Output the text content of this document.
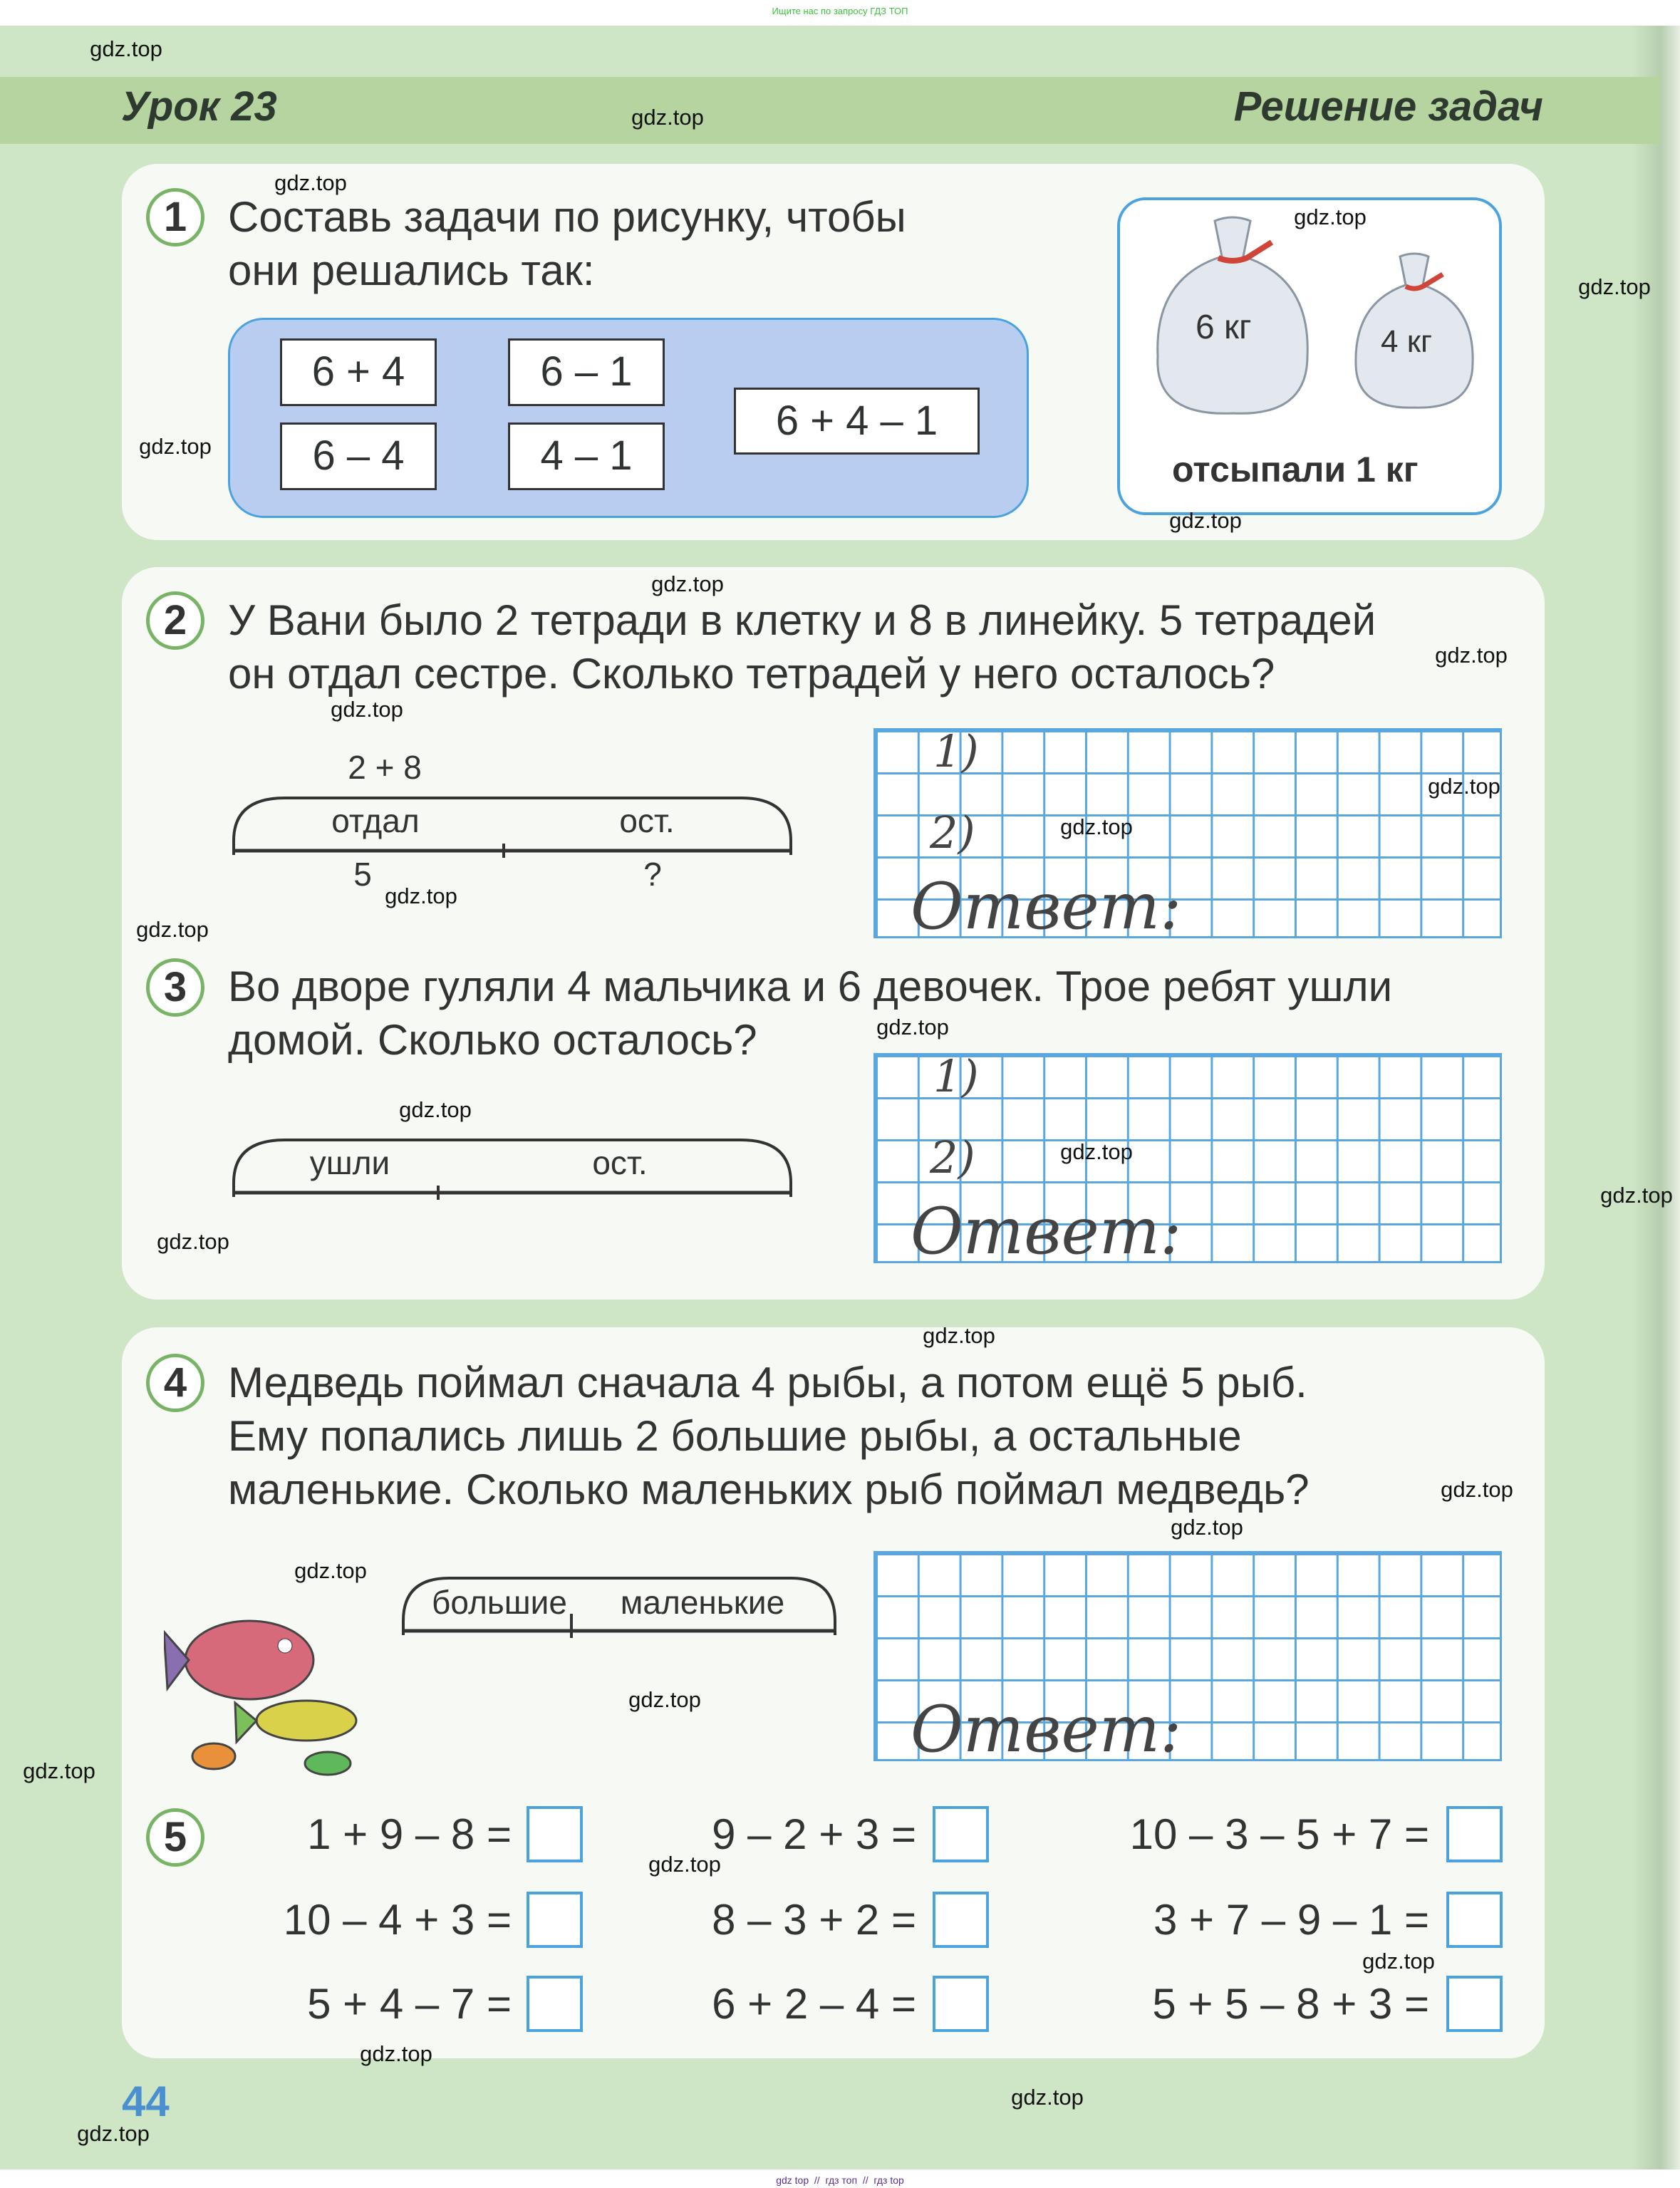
Ищите нас по запросу ГДЗ ТОП
Урок 23	Решение задач
1 Составь задачи по рисунку, чтобы
они решались так:
6 + 4
6 – 4
6 – 1
4 – 1
6 + 4 – 1
6 кг	4 кг
отсыпали 1 кг
2 У Вани было 2 тетради в клетку и 8 в линейку. 5 тетрадей
он отдал сестре. Сколько тетрадей у него осталось?
2 + 8
отдал	ост.
5	?
1)
2)
Ответ:
3 Во дворе гуляли 4 мальчика и 6 девочек. Трое ребят ушли
домой. Сколько осталось?
ушли	ост.
1)
2)
Ответ:
4 Медведь поймал сначала 4 рыбы, а потом ещё 5 рыб.
Ему попались лишь 2 большие рыбы, а остальные
маленькие. Сколько маленьких рыб поймал медведь?
большие маленькие
Ответ:
5	1 + 9 – 8 =	9 – 2 + 3 =	10 – 3 – 5 + 7 =
10 – 4 + 3 =	8 – 3 + 2 =	3 + 7 – 9 – 1 =
5 + 4 – 7 =	6 + 2 – 4 =	5 + 5 – 8 + 3 =
44
gdz top  //  гдз топ  //  гдз top
gdz.top
gdz.top
gdz.top
gdz.top
gdz.top
gdz.top
gdz.top
gdz.top
gdz.top
gdz.top
gdz.top
gdz.top
gdz.top
gdz.top
gdz.top
gdz.top
gdz.top
gdz.top
gdz.top
gdz.top
gdz.top
gdz.top
gdz.top
gdz.top
gdz.top
gdz.top
gdz.top
gdz.top
gdz.top
gdz.top
